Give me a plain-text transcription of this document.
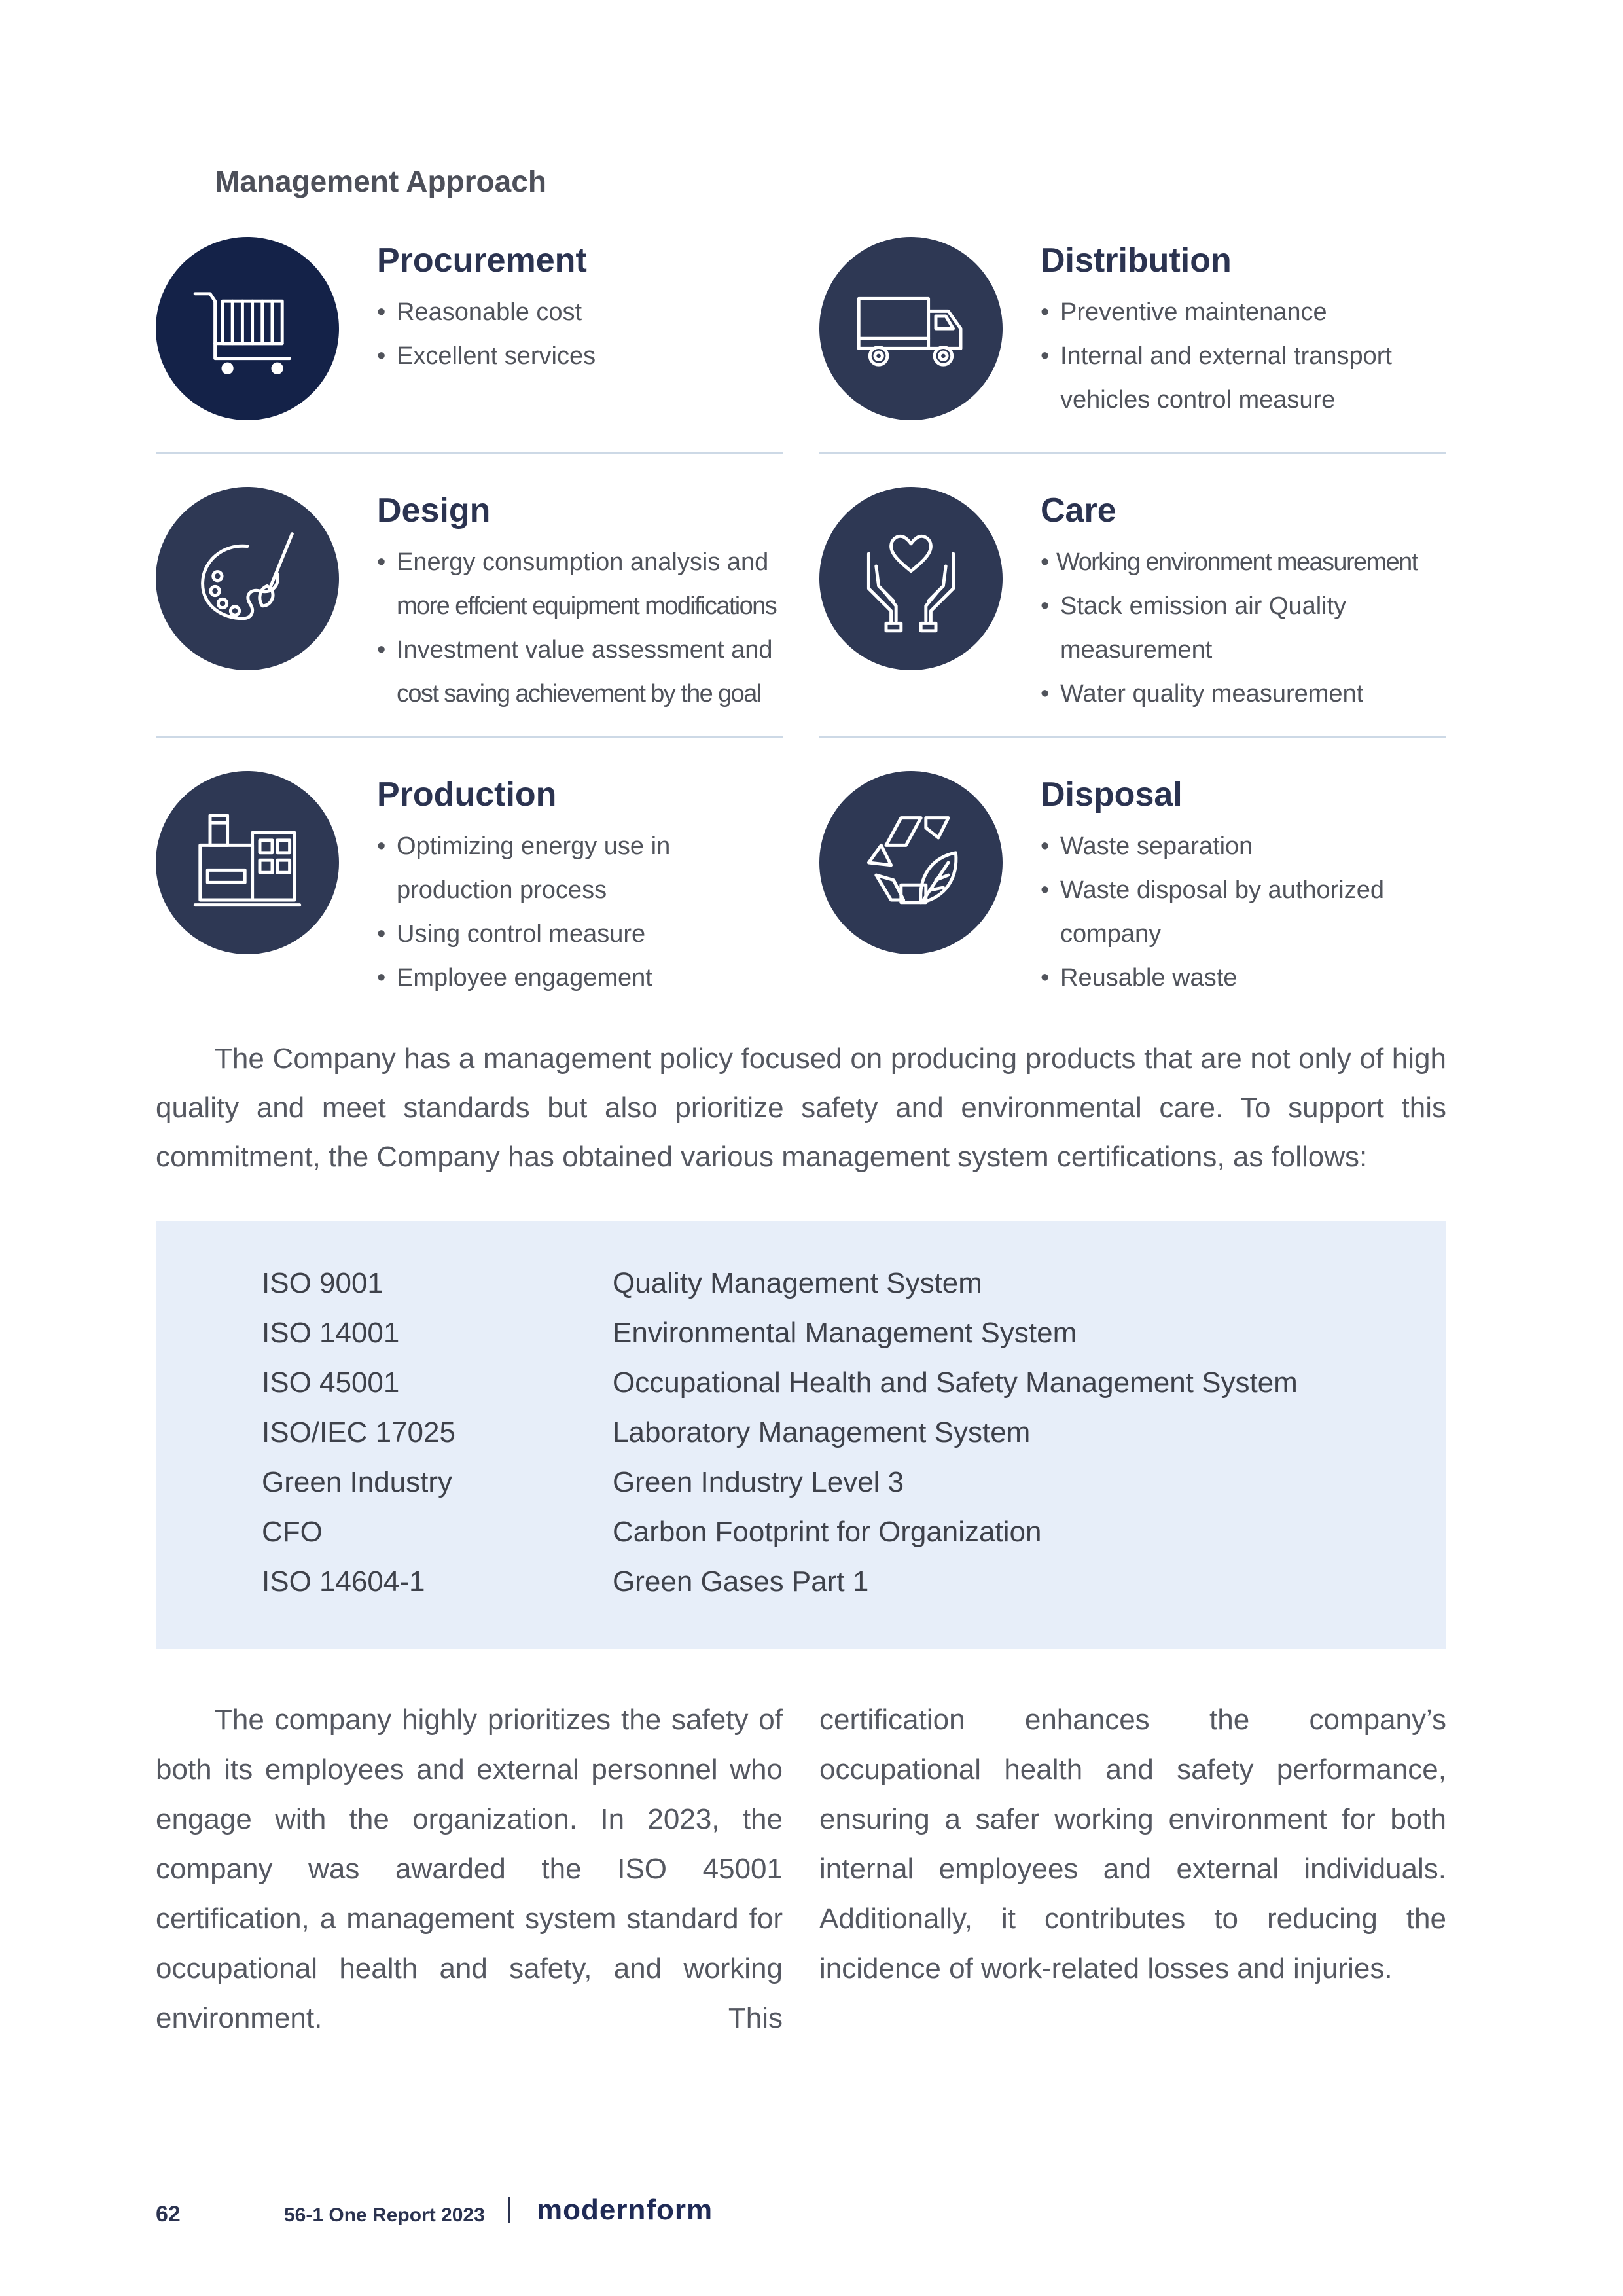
Management Approach
Procurement
• Reasonable cost
• Excellent services
Distribution
• Preventive maintenance
• Internal and external transport
vehicles control measure
Design
• Energy consumption analysis and
more effcient equipment modifications
• Investment value assessment and
cost saving achievement by the goal
Care
• Working environment measurement
• Stack emission air Quality
measurement
• Water quality measurement
Production
• Optimizing energy use in
production process
• Using control measure
• Employee engagement
Disposal
• Waste separation
• Waste disposal by authorized
company
• Reusable waste

The Company has a management policy focused on producing products that are not only of high quality and meet standards but also prioritize safety and environmental care. To support this commitment, the Company has obtained various management system certifications, as follows:

ISO 9001	Quality Management System
ISO 14001	Environmental Management System
ISO 45001	Occupational Health and Safety Management System
ISO/IEC 17025	Laboratory Management System
Green Industry	Green Industry Level 3
CFO	Carbon Footprint for Organization
ISO 14604-1	Green Gases Part 1

The company highly prioritizes the safety of both its employees and external personnel who engage with the organization. In 2023, the company was awarded the ISO 45001 certification, a management system standard for occupational health and safety, and working environment. This

certification enhances the company’s occupational health and safety performance, ensuring a safer working environment for both internal employees and external individuals. Additionally, it contributes to reducing the incidence of work-related losses and injuries.

62	56-1 One Report 2023 modernform
